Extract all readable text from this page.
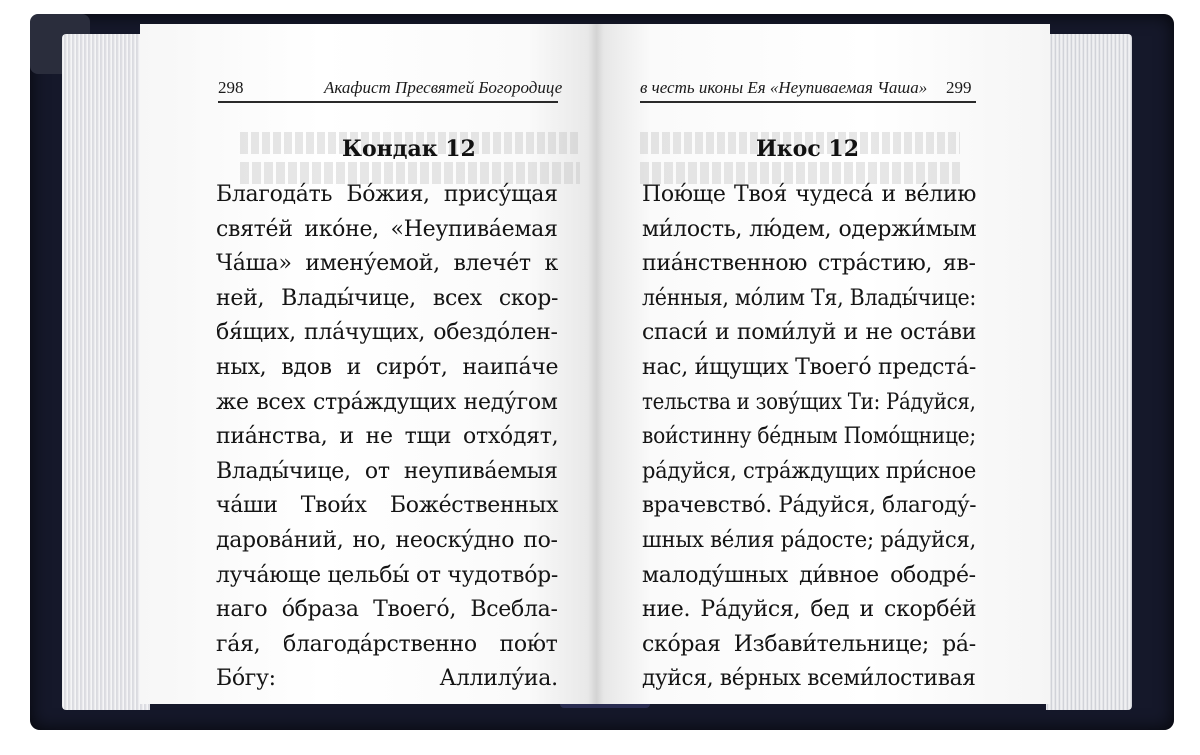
298	Акафист Пресвятей Богородице
Кондак 12
Благода́ть Бо́жия, прису́щая
святе́й ико́не, «Неупива́емая
Ча́ша» имену́емой, влече́т к
ней, Влады́чице, всех скор-
бя́щих, пла́чущих, обездо́лен-
ных, вдов и сиро́т, наипа́че
же всех стра́ждущих неду́гом
пиа́нства, и не тщи отхо́дят,
Влады́чице, от неупива́емыя
ча́ши Твои́х Боже́ственных
дарова́ний, но, неоску́дно по-
луча́юще цельбы́ от чудотво́р-
наго о́браза Твоего́, Всебла-
га́я, благода́рственно пою́т
Бо́гу: Аллилу́иа.
в честь иконы Ея «Неупиваемая Чаша» 299
Икос 12
Пою́ще Твоя́ чудеса́ и ве́лию
ми́лость, лю́дем, одержи́мым
пиа́нственною стра́стию, яв-
ле́нныя, мо́лим Тя, Влады́чице:
спаси́ и поми́луй и не оста́ви
нас, и́щущих Твоего́ предста́-
тельства и зову́щих Ти: Ра́дуйся,
вои́стинну бе́дным Помо́щнице;
ра́дуйся, стра́ждущих при́сное
врачевство́. Ра́дуйся, благоду́-
шных ве́лия ра́досте; ра́дуйся,
малоду́шных ди́вное ободре́-
ние. Ра́дуйся, бед и скорбе́й
ско́рая Избави́тельнице; ра́-
дуйся, ве́рных всеми́лостивая
